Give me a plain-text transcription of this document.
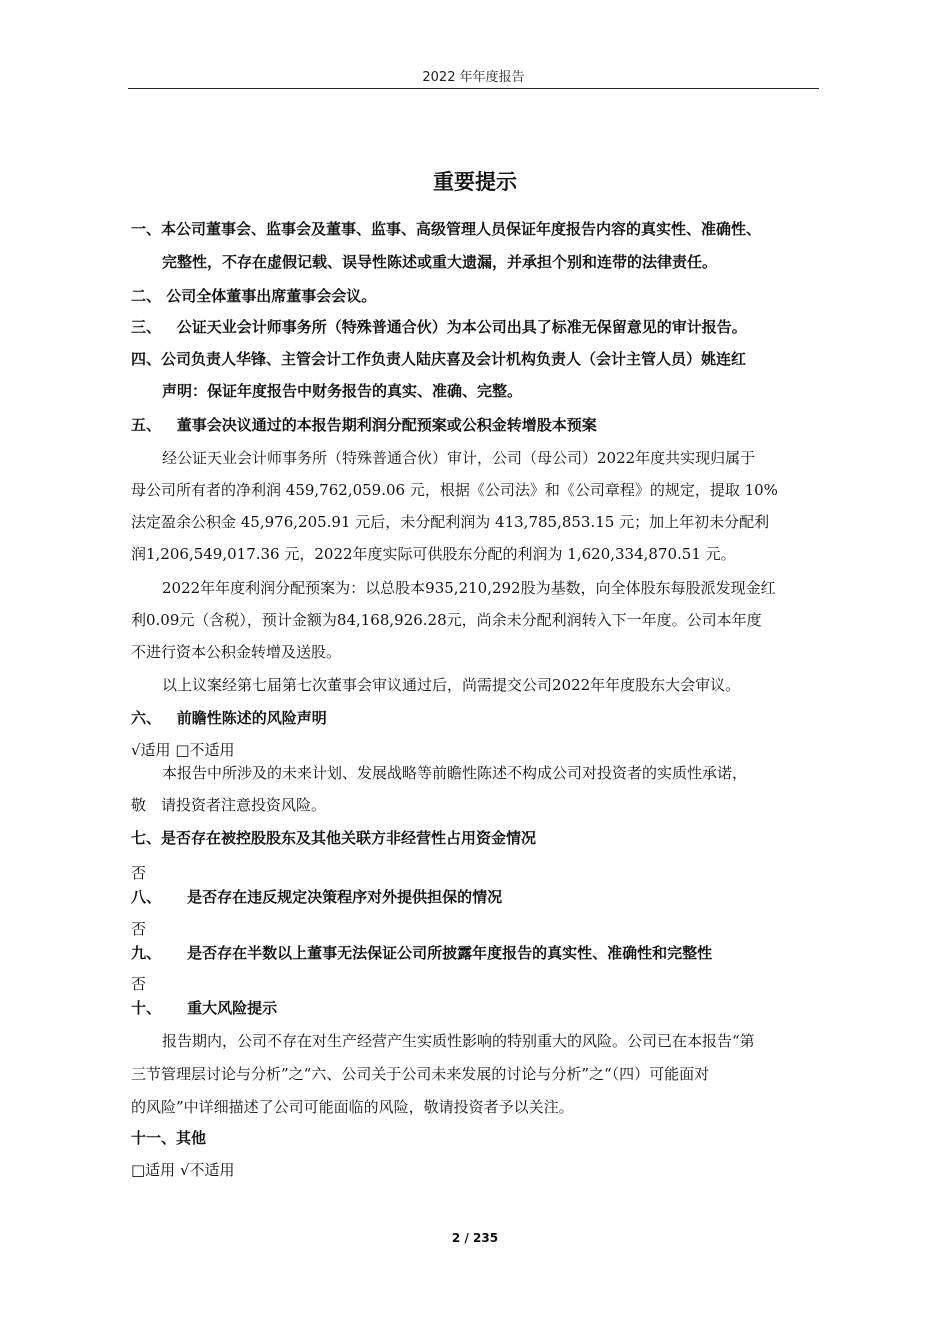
2022 年年度报告
重要提示
一、本公司董事会、监事会及董事、监事、高级管理人员保证年度报告内容的真实性、准确性、
完整性，不存在虚假记载、误导性陈述或重大遗漏，并承担个别和连带的法律责任。
二、 公司全体董事出席董事会会议。
三、 公证天业会计师事务所（特殊普通合伙）为本公司出具了标准无保留意见的审计报告。
四、公司负责人华锋、主管会计工作负责人陆庆喜及会计机构负责人（会计主管人员）姚连红
声明：保证年度报告中财务报告的真实、准确、完整。
五、 董事会决议通过的本报告期利润分配预案或公积金转增股本预案
经公证天业会计师事务所（特殊普通合伙）审计，公司（母公司）2022年度共实现归属于
母公司所有者的净利润 459,762,059.06 元，根据《公司法》和《公司章程》的规定，提取 10%
法定盈余公积金 45,976,205.91 元后，未分配利润为 413,785,853.15 元；加上年初未分配利
润1,206,549,017.36 元，2022年度实际可供股东分配的利润为 1,620,334,870.51 元。
2022年年度利润分配预案为：以总股本935,210,292股为基数，向全体股东每股派发现金红
利0.09元（含税），预计金额为84,168,926.28元，尚余未分配利润转入下一年度。公司本年度
不进行资本公积金转增及送股。
以上议案经第七届第七次董事会审议通过后，尚需提交公司2022年年度股东大会审议。
六、 前瞻性陈述的风险声明
√适用 □不适用
本报告中所涉及的未来计划、发展战略等前瞻性陈述不构成公司对投资者的实质性承诺，
敬　请投资者注意投资风险。
七、是否存在被控股股东及其他关联方非经营性占用资金情况
否
八、 是否存在违反规定决策程序对外提供担保的情况
否
九、 是否存在半数以上董事无法保证公司所披露年度报告的真实性、准确性和完整性
否
十、 重大风险提示
报告期内，公司不存在对生产经营产生实质性影响的特别重大的风险。公司已在本报告“第
三节管理层讨论与分析”之“六、公司关于公司未来发展的讨论与分析”之“（四）可能面对
的风险”中详细描述了公司可能面临的风险，敬请投资者予以关注。
十一、其他
□适用 √不适用
2 / 235
